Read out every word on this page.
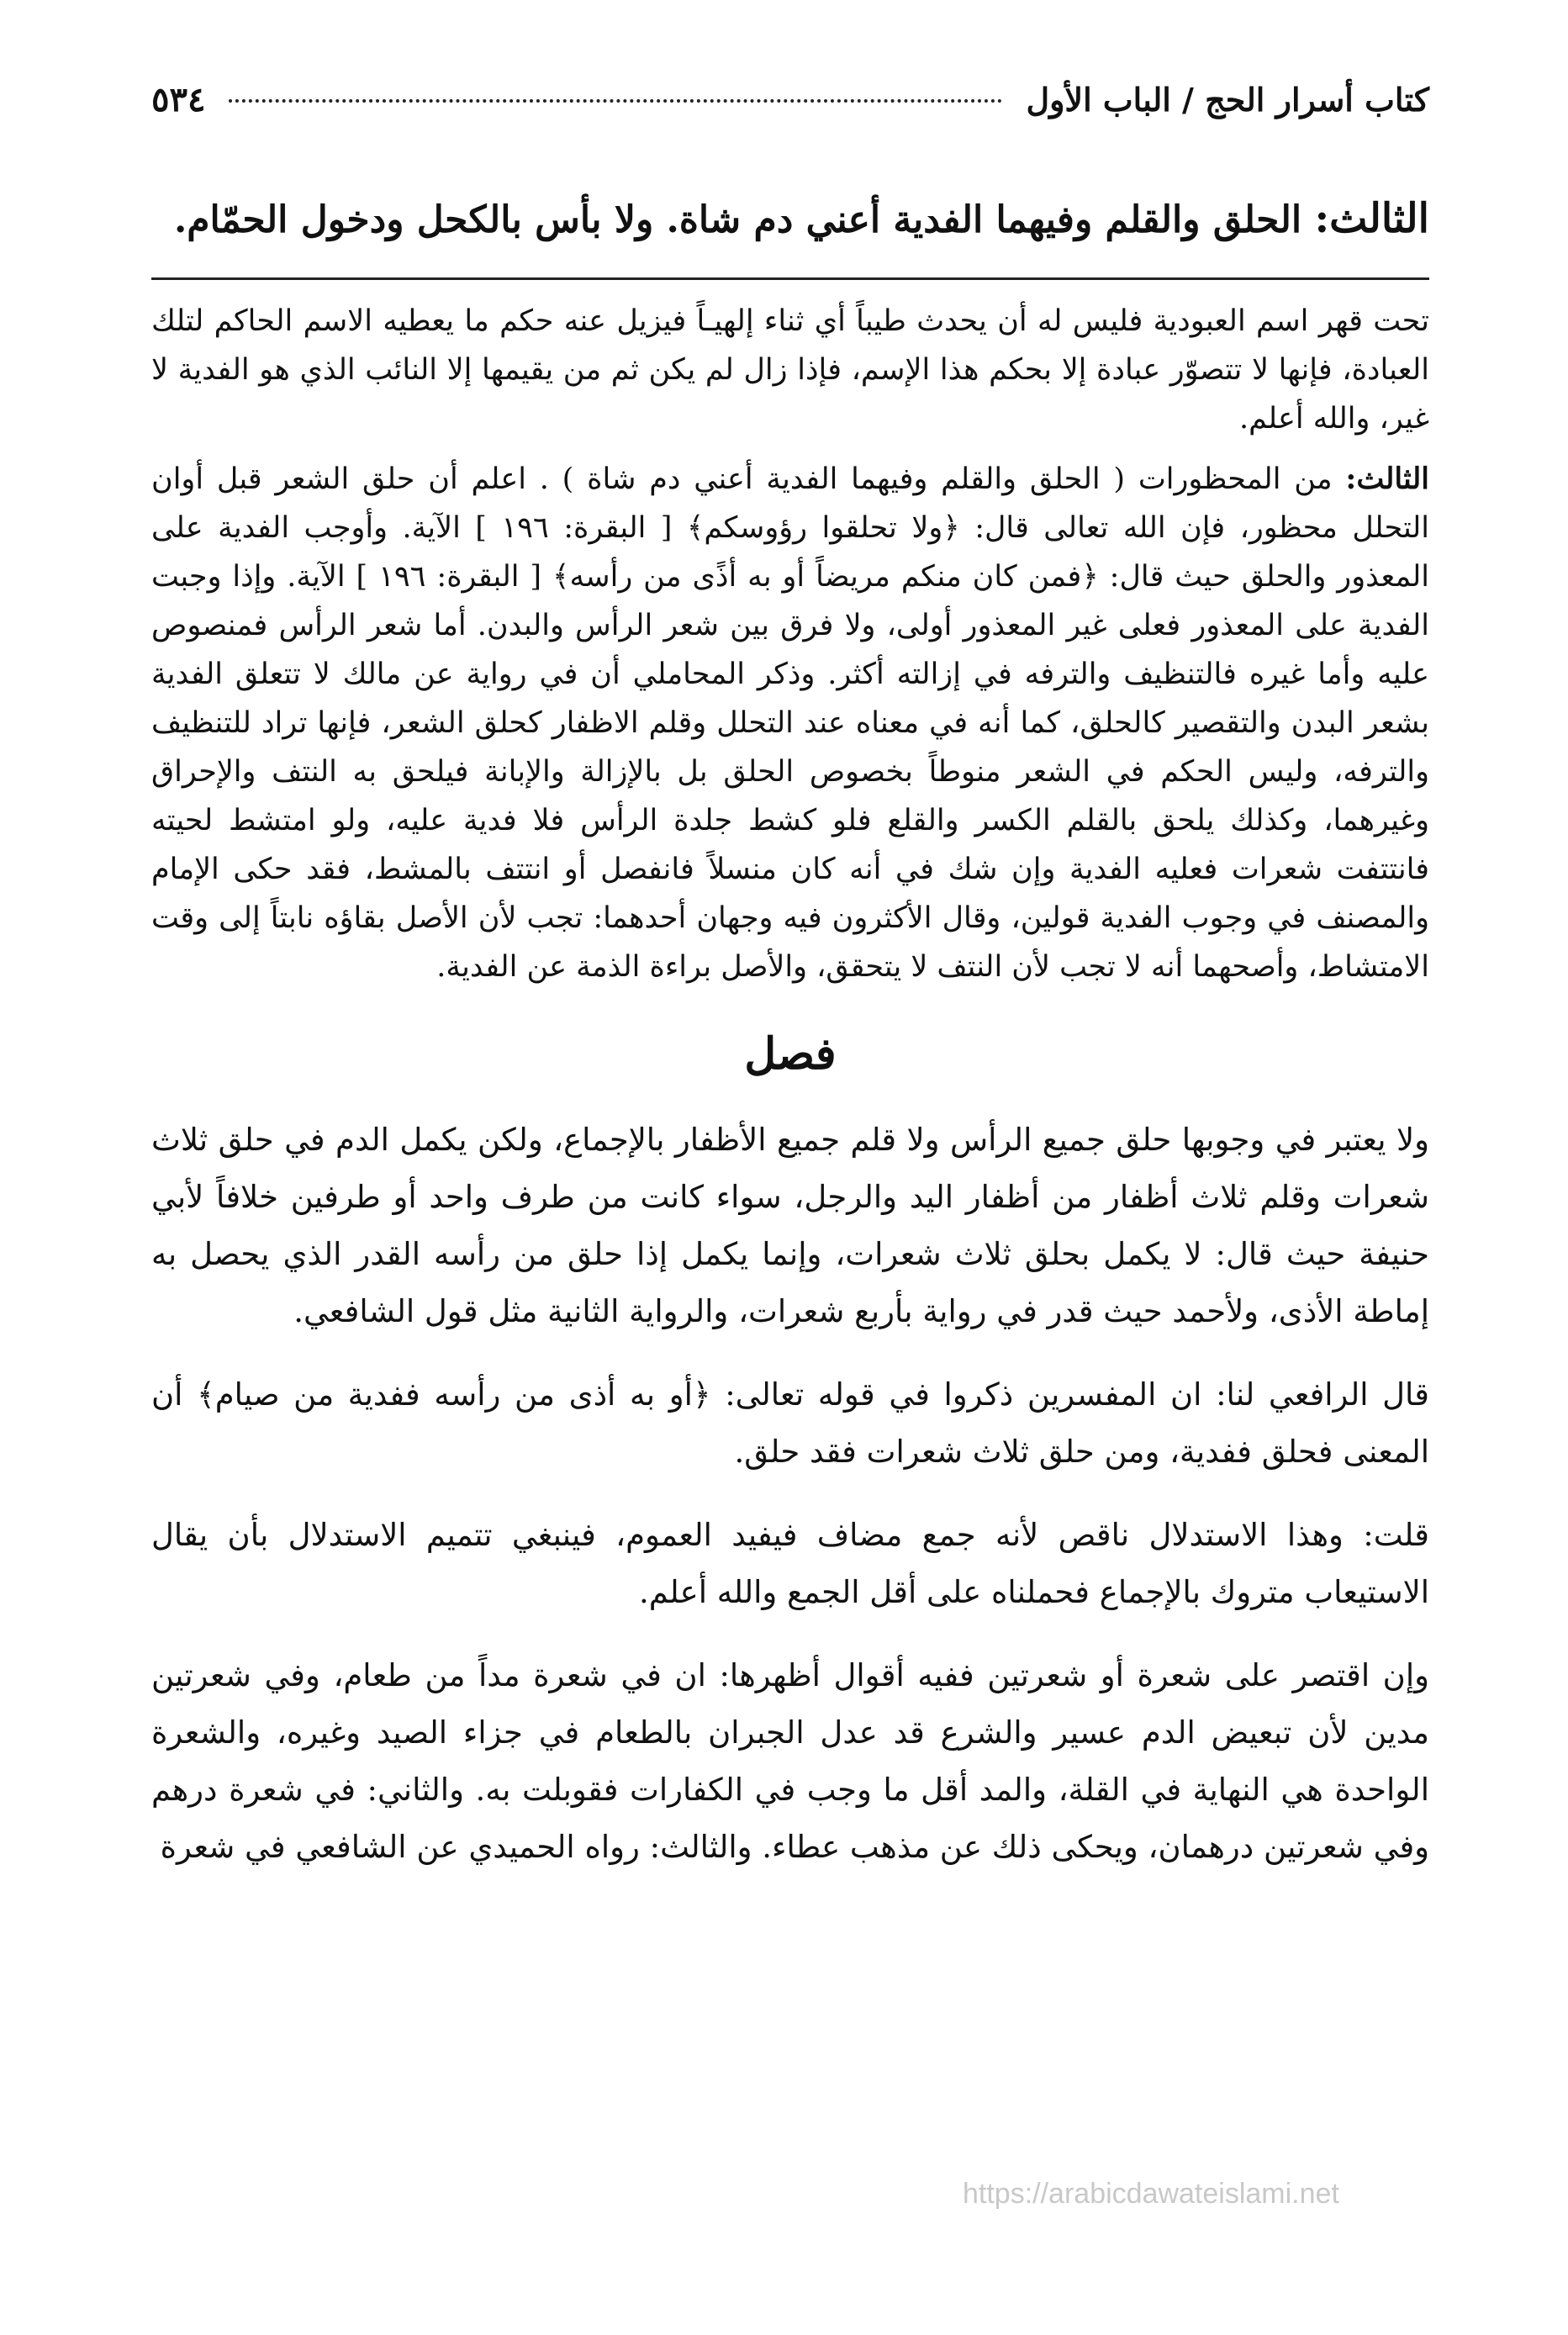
كتاب أسرار الحج / الباب الأول
٥٣٤
الثالث: الحلق والقلم وفيهما الفدية أعني دم شاة. ولا بأس بالكحل ودخول الحمّام.

تحت قهر اسم العبودية فليس له أن يحدث طيباً أي ثناء إلهيـاً فيزيل عنه حكم ما يعطيه الاسم الحاكم لتلك العبادة، فإنها لا تتصوّر عبادة إلا بحكم هذا الإسم، فإذا زال لم يكن ثم من يقيمها إلا النائب الذي هو الفدية لا غير، والله أعلم.

الثالث: من المحظورات ( الحلق والقلم وفيهما الفدية أعني دم شاة ) . اعلم أن حلق الشعر قبل أوان التحلل محظور، فإن الله تعالى قال: ﴿ولا تحلقوا رؤوسكم﴾ [ البقرة: ١٩٦ ] الآية. وأوجب الفدية على المعذور والحلق حيث قال: ﴿فمن كان منكم مريضاً أو به أذًى من رأسه﴾ [ البقرة: ١٩٦ ] الآية. وإذا وجبت الفدية على المعذور فعلى غير المعذور أولى، ولا فرق بين شعر الرأس والبدن. أما شعر الرأس فمنصوص عليه وأما غيره فالتنظيف والترفه في إزالته أكثر. وذكر المحاملي أن في رواية عن مالك لا تتعلق الفدية بشعر البدن والتقصير كالحلق، كما أنه في معناه عند التحلل وقلم الاظفار كحلق الشعر، فإنها تراد للتنظيف والترفه، وليس الحكم في الشعر منوطاً بخصوص الحلق بل بالإزالة والإبانة فيلحق به النتف والإحراق وغيرهما، وكذلك يلحق بالقلم الكسر والقلع فلو كشط جلدة الرأس فلا فدية عليه، ولو امتشط لحيته فانتتفت شعرات فعليه الفدية وإن شك في أنه كان منسلاً فانفصل أو انتتف بالمشط، فقد حكى الإمام والمصنف في وجوب الفدية قولين، وقال الأكثرون فيه وجهان أحدهما: تجب لأن الأصل بقاؤه نابتاً إلى وقت الامتشاط، وأصحهما أنه لا تجب لأن النتف لا يتحقق، والأصل براءة الذمة عن الفدية.

فصل

ولا يعتبر في وجوبها حلق جميع الرأس ولا قلم جميع الأظفار بالإجماع، ولكن يكمل الدم في حلق ثلاث شعرات وقلم ثلاث أظفار من أظفار اليد والرجل، سواء كانت من طرف واحد أو طرفين خلافاً لأبي حنيفة حيث قال: لا يكمل بحلق ثلاث شعرات، وإنما يكمل إذا حلق من رأسه القدر الذي يحصل به إماطة الأذى، ولأحمد حيث قدر في رواية بأربع شعرات، والرواية الثانية مثل قول الشافعي.

قال الرافعي لنا: ان المفسرين ذكروا في قوله تعالى: ﴿أو به أذى من رأسه ففدية من صيام﴾ أن المعنى فحلق ففدية، ومن حلق ثلاث شعرات فقد حلق.

قلت: وهذا الاستدلال ناقص لأنه جمع مضاف فيفيد العموم، فينبغي تتميم الاستدلال بأن يقال الاستيعاب متروك بالإجماع فحملناه على أقل الجمع والله أعلم.

وإن اقتصر على شعرة أو شعرتين ففيه أقوال أظهرها: ان في شعرة مداً من طعام، وفي شعرتين مدين لأن تبعيض الدم عسير والشرع قد عدل الجبران بالطعام في جزاء الصيد وغيره، والشعرة الواحدة هي النهاية في القلة، والمد أقل ما وجب في الكفارات فقوبلت به. والثاني: في شعرة درهم وفي شعرتين درهمان، ويحكى ذلك عن مذهب عطاء. والثالث: رواه الحميدي عن الشافعي في شعرة

https://arabicdawateislami.net
